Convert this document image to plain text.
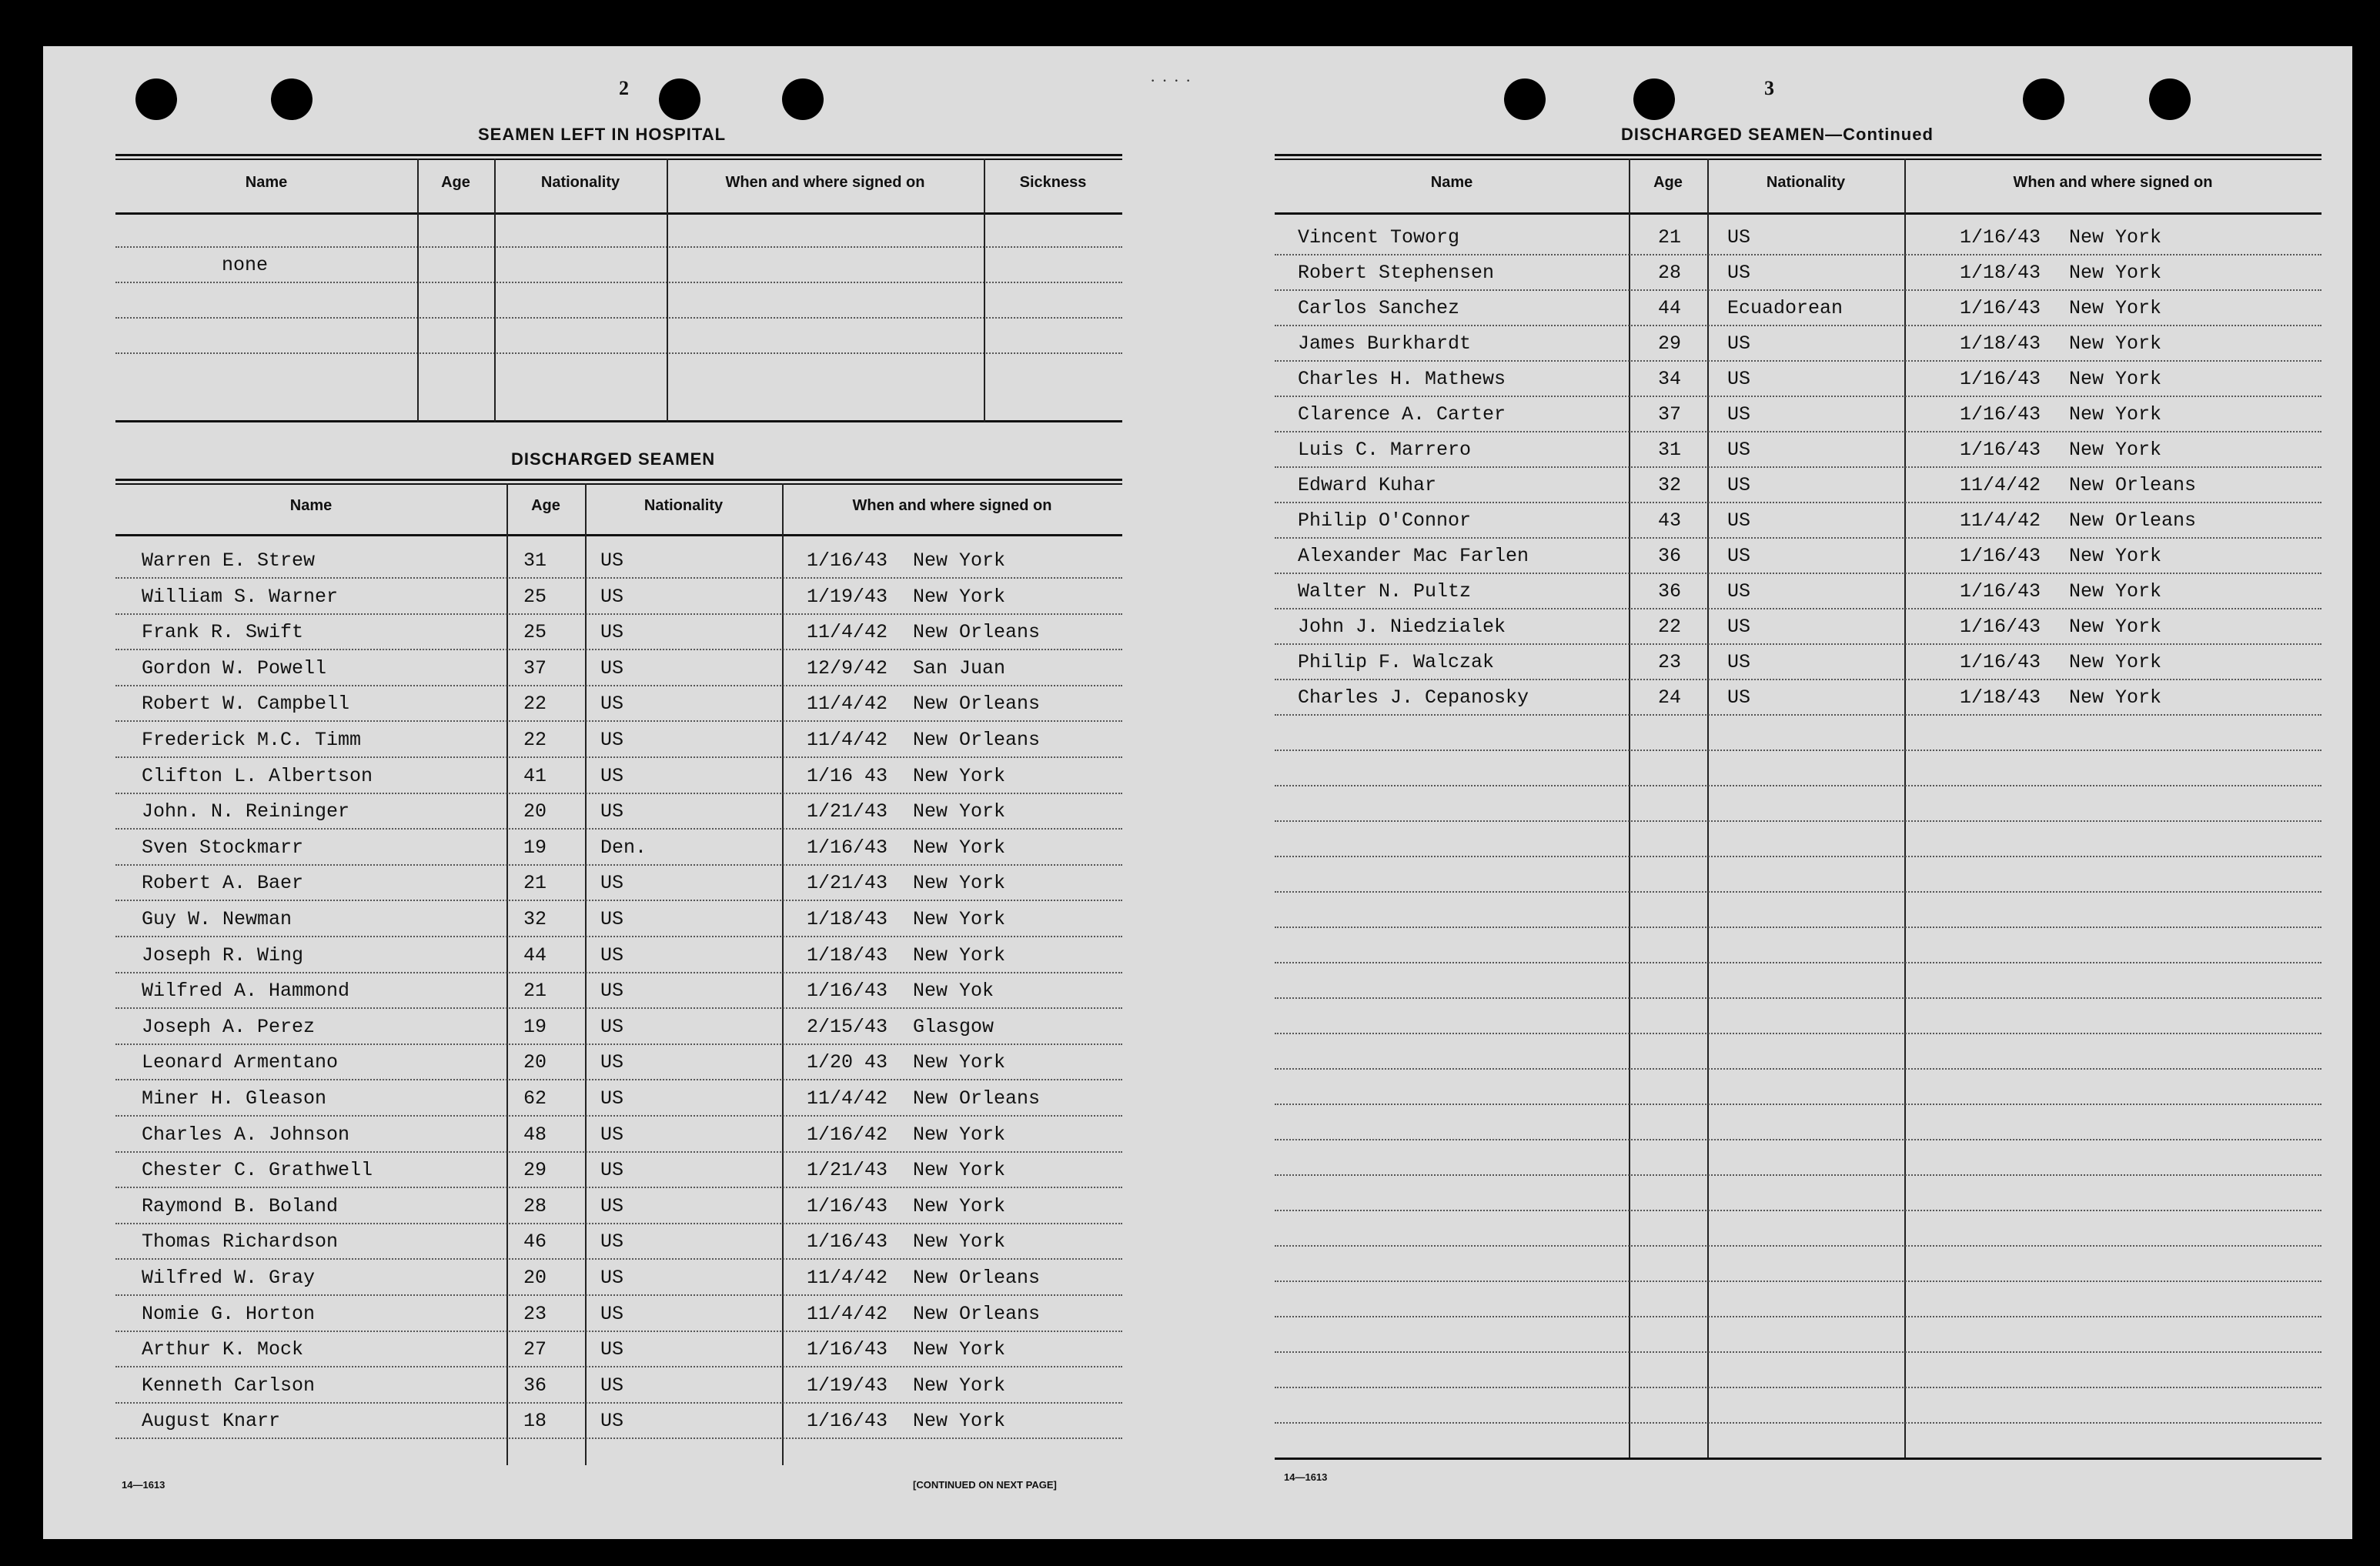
····
2
SEAMEN LEFT IN HOSPITAL
Name	Age	Nationality	When and where signed on	Sickness
none
DISCHARGED SEAMEN
Name	Age	Nationality	When and where signed on
Warren E. Strew	31	US	1/16/43 New York
William S. Warner	25	US	1/19/43 New York
Frank R. Swift	25	US	11/4/42 New Orleans
Gordon W. Powell	37	US	12/9/42 San Juan
Robert W. Campbell	22	US	11/4/42 New Orleans
Frederick M.C. Timm	22	US	11/4/42 New Orleans
Clifton L. Albertson	41	US	1/16 43 New York
John. N. Reininger	20	US	1/21/43 New York
Sven Stockmarr	19	Den.	1/16/43 New York
Robert A. Baer	21	US	1/21/43 New York
Guy W. Newman	32	US	1/18/43 New York
Joseph R. Wing	44	US	1/18/43 New York
Wilfred A. Hammond	21	US	1/16/43 New Yok
Joseph A. Perez	19	US	2/15/43 Glasgow
Leonard Armentano	20	US	1/20 43 New York
Miner H. Gleason	62	US	11/4/42 New Orleans
Charles A. Johnson	48	US	1/16/42 New York
Chester C. Grathwell	29	US	1/21/43 New York
Raymond B. Boland	28	US	1/16/43 New York
Thomas Richardson	46	US	1/16/43 New York
Wilfred W. Gray	20	US	11/4/42 New Orleans
Nomie G. Horton	23	US	11/4/42 New Orleans
Arthur K. Mock	27	US	1/16/43 New York
Kenneth Carlson	36	US	1/19/43 New York
August Knarr	18	US	1/16/43 New York
14—1613	[CONTINUED ON NEXT PAGE]
3
DISCHARGED SEAMEN—Continued
Name	Age	Nationality	When and where signed on
Vincent Toworg	21 US	1/16/43 New York
Robert Stephensen	28 US	1/18/43 New York
Carlos Sanchez	44 Ecuadorean	1/16/43 New York
James Burkhardt	29 US	1/18/43 New York
Charles H. Mathews	34 US	1/16/43 New York
Clarence A. Carter	37 US	1/16/43 New York
Luis C. Marrero	31 US	1/16/43 New York
Edward Kuhar	32 US	11/4/42 New Orleans
Philip O'Connor	43 US	11/4/42 New Orleans
Alexander Mac Farlen	36 US	1/16/43 New York
Walter N. Pultz	36 US	1/16/43 New York
John J. Niedzialek	22 US	1/16/43 New York
Philip F. Walczak	23 US	1/16/43 New York
Charles J. Cepanosky	24 US	1/18/43 New York
14—1613
